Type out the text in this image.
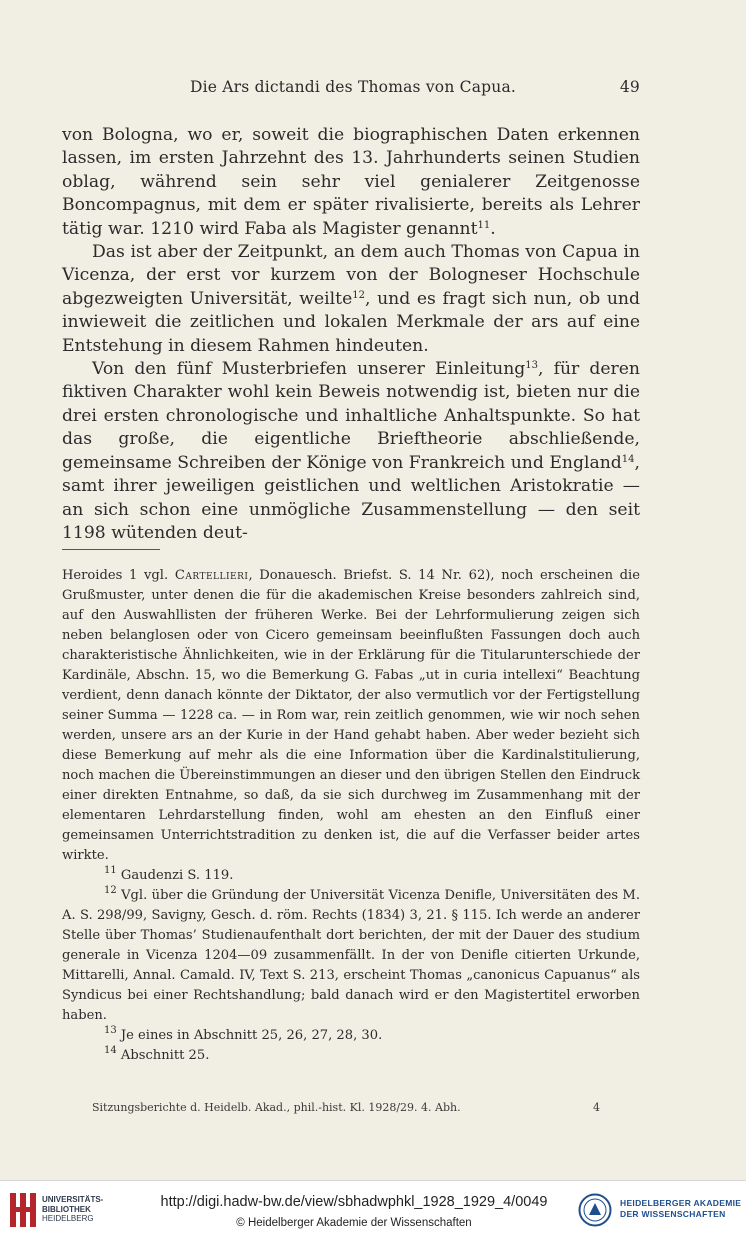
Die Ars dictandi des Thomas von Capua.	49

von Bologna, wo er, soweit die biographischen Daten erkennen lassen, im ersten Jahrzehnt des 13. Jahrhunderts seinen Studien oblag, während sein sehr viel genialerer Zeitgenosse Boncompagnus, mit dem er später rivalisierte, bereits als Lehrer tätig war. 1210 wird Faba als Magister genannt$^{11}$.

Das ist aber der Zeitpunkt, an dem auch Thomas von Capua in Vicenza, der erst vor kurzem von der Bologneser Hochschule abgezweigten Universität, weilte$^{12}$, und es fragt sich nun, ob und inwieweit die zeitlichen und lokalen Merkmale der ars auf eine Entstehung in diesem Rahmen hindeuten.

Von den fünf Musterbriefen unserer Einleitung$^{13}$, für deren fiktiven Charakter wohl kein Beweis notwendig ist, bieten nur die drei ersten chronologische und inhaltliche Anhaltspunkte. So hat das große, die eigentliche Brieftheorie abschließende, gemeinsame Schreiben der Könige von Frankreich und England$^{14}$, samt ihrer jeweiligen geistlichen und weltlichen Aristokratie — an sich schon eine unmögliche Zusammenstellung — den seit 1198 wütenden deut-

Heroides 1 vgl. Cartellieri, Donauesch. Briefst. S. 14 Nr. 62), noch erscheinen die Grußmuster, unter denen die für die akademischen Kreise besonders zahlreich sind, auf den Auswahllisten der früheren Werke. Bei der Lehrformulierung zeigen sich neben belanglosen oder von Cicero gemeinsam beeinflußten Fassungen doch auch charakteristische Ähnlichkeiten, wie in der Erklärung für die Titularunterschiede der Kardinäle, Abschn. 15, wo die Bemerkung G. Fabas „ut in curia intellexi“ Beachtung verdient, denn danach könnte der Diktator, der also vermutlich vor der Fertigstellung seiner Summa — 1228 ca. — in Rom war, rein zeitlich genommen, wie wir noch sehen werden, unsere ars an der Kurie in der Hand gehabt haben. Aber weder bezieht sich diese Bemerkung auf mehr als die eine Information über die Kardinalstitulierung, noch machen die Übereinstimmungen an dieser und den übrigen Stellen den Eindruck einer direkten Entnahme, so daß, da sie sich durchweg im Zusammenhang mit der elementaren Lehrdarstellung finden, wohl am ehesten an den Einfluß einer gemeinsamen Unterrichtstradition zu denken ist, die auf die Verfasser beider artes wirkte.

$^{11}$ Gaudenzi S. 119.

$^{12}$ Vgl. über die Gründung der Universität Vicenza Denifle, Universitäten des M. A. S. 298/99, Savigny, Gesch. d. röm. Rechts (1834) 3, 21. § 115. Ich werde an anderer Stelle über Thomas’ Studienaufenthalt dort berichten, der mit der Dauer des studium generale in Vicenza 1204—09 zusammenfällt. In der von Denifle citierten Urkunde, Mittarelli, Annal. Camald. IV, Text S. 213, erscheint Thomas „canonicus Capuanus“ als Syndicus bei einer Rechtshandlung; bald danach wird er den Magistertitel erworben haben.

$^{13}$ Je eines in Abschnitt 25, 26, 27, 28, 30.

$^{14}$ Abschnitt 25.

Sitzungsberichte d. Heidelb. Akad., phil.-hist. Kl. 1928/29. 4. Abh.	4
UNIVERSITÄTS-
BIBLIOTHEK
HEIDELBERG
http://digi.hadw-bw.de/view/sbhadwphkl_1928_1929_4/0049
© Heidelberger Akademie der Wissenschaften
HEIDELBERGER AKADEMIE
DER WISSENSCHAFTEN
